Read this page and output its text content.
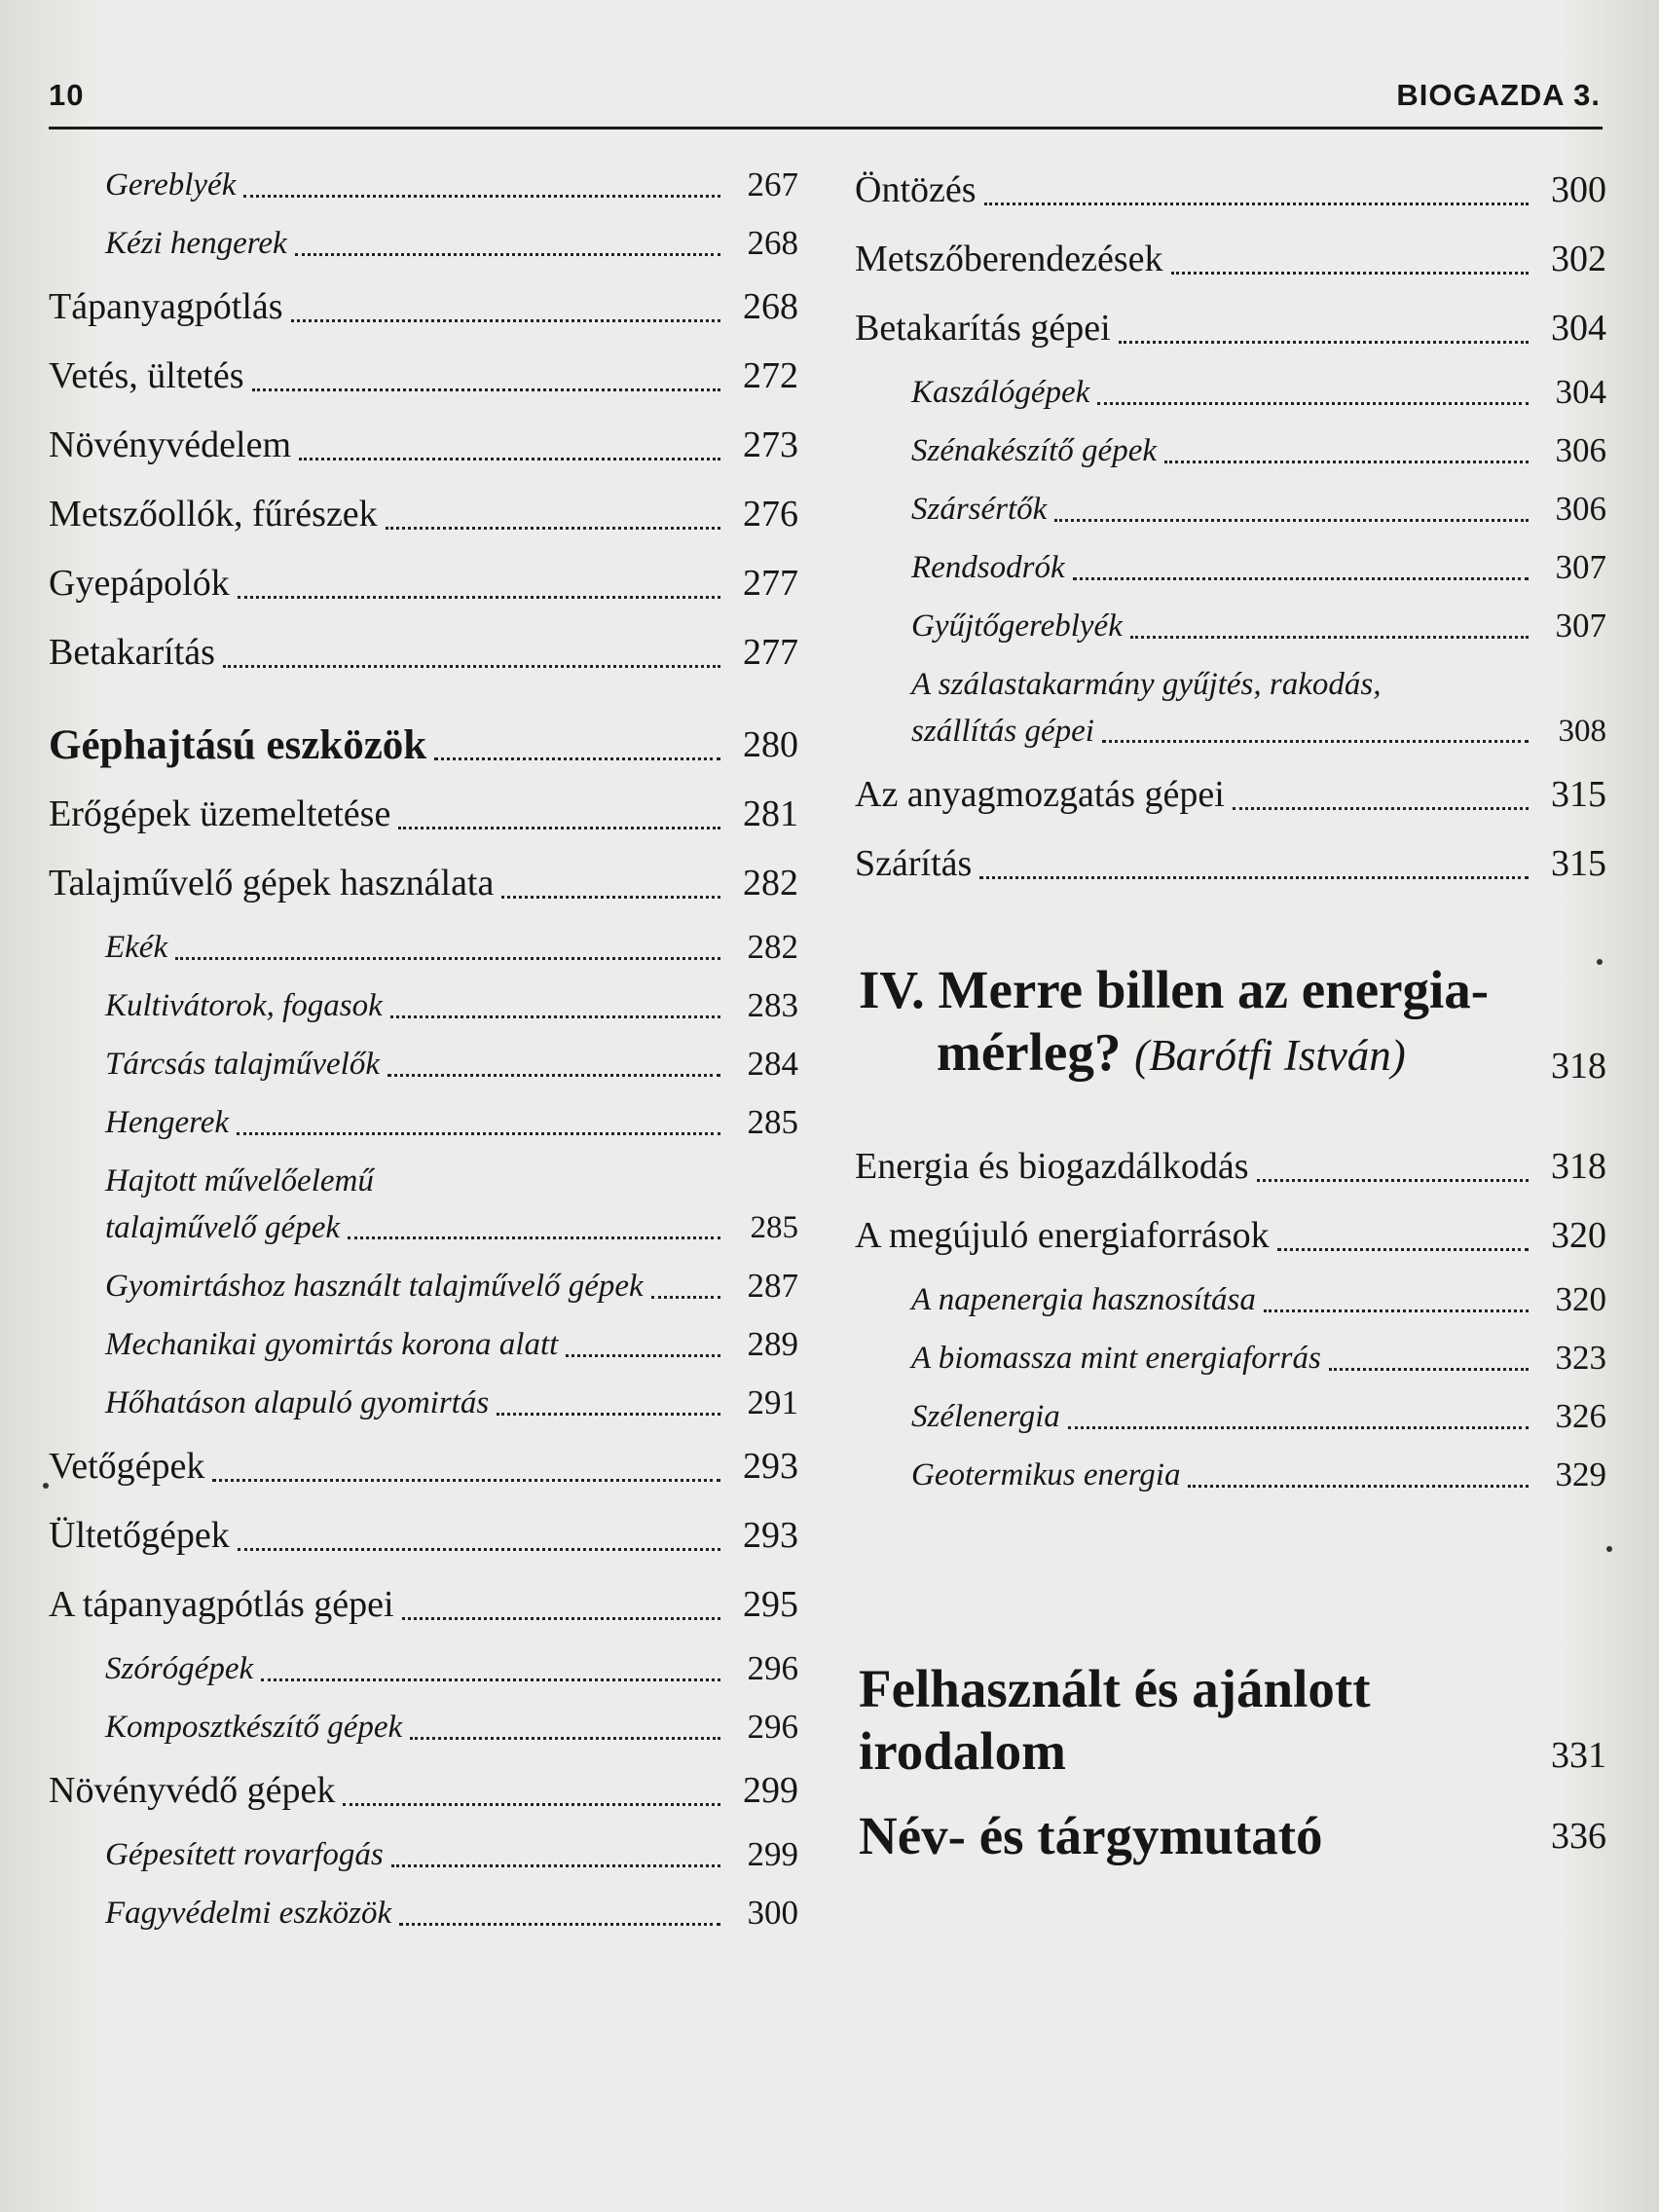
10	BIOGAZDA 3.
Gereblyék	267
Kézi hengerek	268
Tápanyagpótlás	268
Vetés, ültetés	272
Növényvédelem	273
Metszőollók, fűrészek	276
Gyepápolók	277
Betakarítás	277
Géphajtású eszközök	280
Erőgépek üzemeltetése	281
Talajművelő gépek használata	282
Ekék	282
Kultivátorok, fogasok	283
Tárcsás talajművelők	284
Hengerek	285
Hajtott művelőelemű
talajművelő gépek	285
Gyomirtáshoz használt talajművelő gépek	287
Mechanikai gyomirtás korona alatt	289
Hőhatáson alapuló gyomirtás	291
Vetőgépek	293
Ültetőgépek	293
A tápanyagpótlás gépei	295
Szórógépek	296
Komposztkészítő gépek	296
Növényvédő gépek	299
Gépesített rovarfogás	299
Fagyvédelmi eszközök	300
Öntözés	300
Metszőberendezések	302
Betakarítás gépei	304
Kaszálógépek	304
Szénakészítő gépek	306
Szársértők	306
Rendsodrók	307
Gyűjtőgereblyék	307
A szálastakarmány gyűjtés, rakodás,
szállítás gépei	308
Az anyagmozgatás gépei	315
Szárítás	315
IV. Merre billen az energia-
mérleg? (Barótfi István)	318
Energia és biogazdálkodás	318
A megújuló energiaforrások	320
A napenergia hasznosítása	320
A biomassza mint energiaforrás	323
Szélenergia	326
Geotermikus energia	329
Felhasznált és ajánlott
irodalom	331
Név- és tárgymutató	336
